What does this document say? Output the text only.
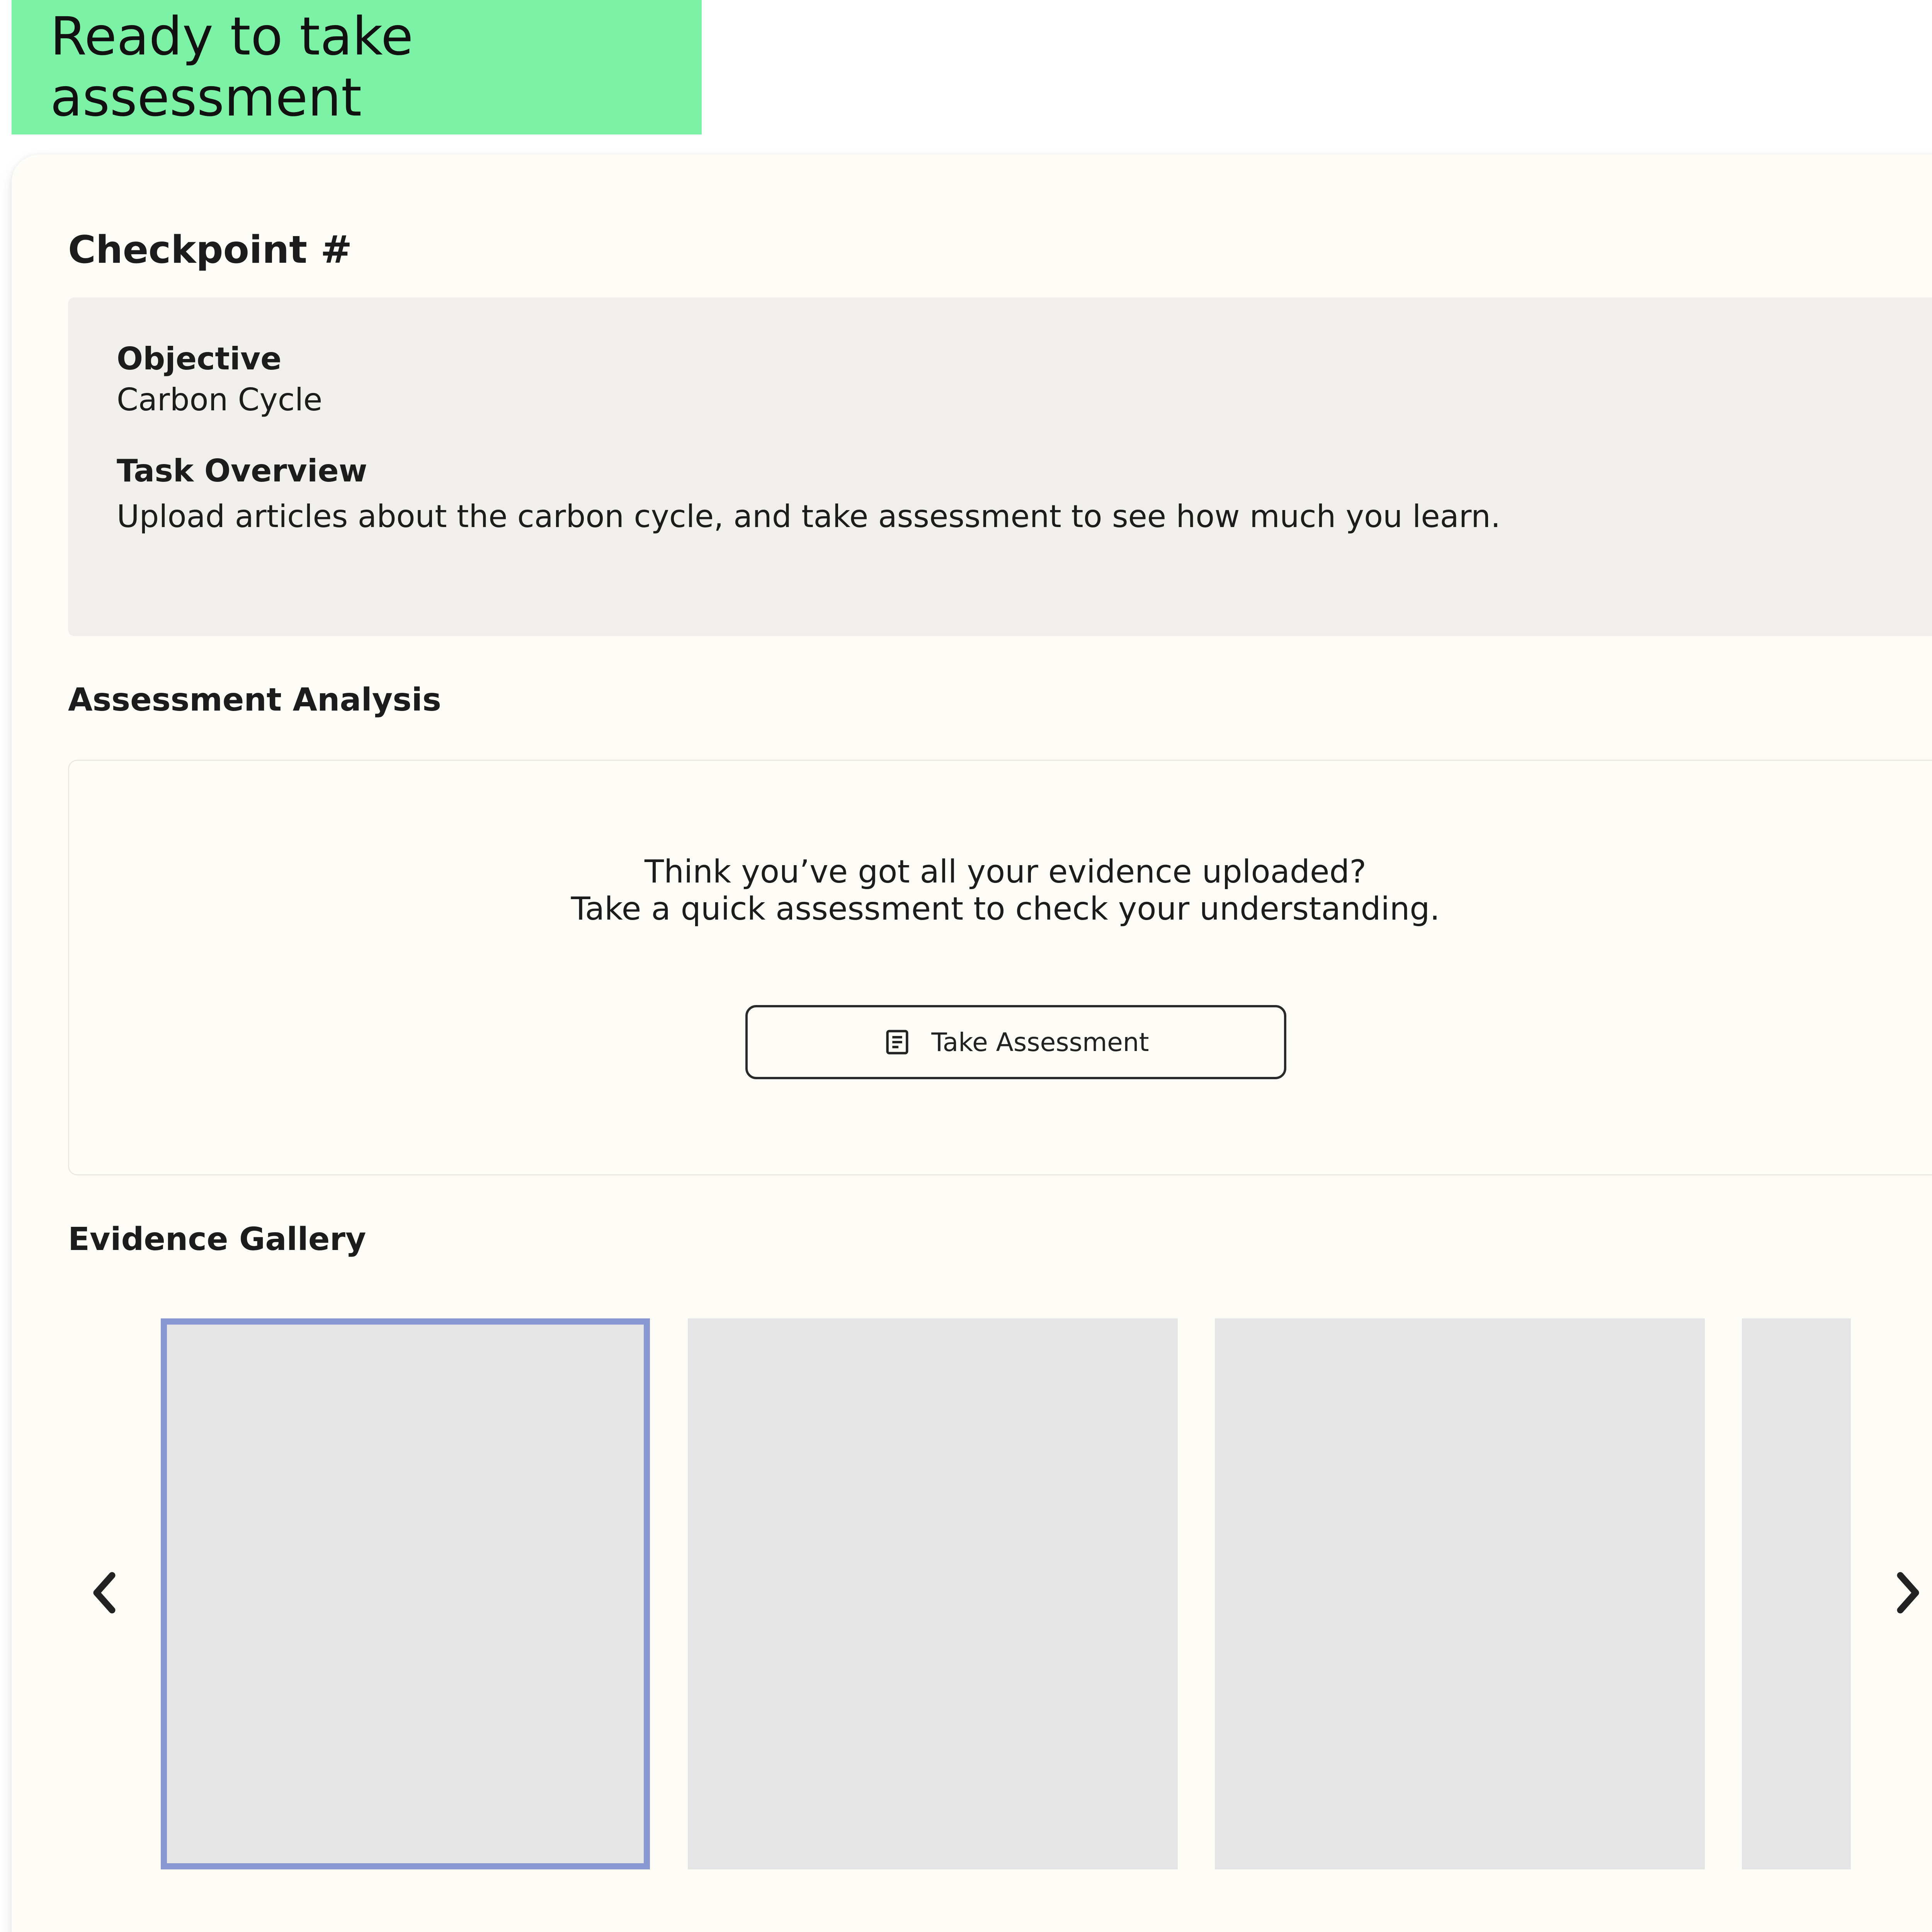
Ready to take assessment
Checkpoint #
Objective
Carbon Cycle
Task Overview
Upload articles about the carbon cycle, and take assessment to see how much you learn.
Assessment Analysis
Think you’ve got all your evidence uploaded?
Take a quick assessment to check your understanding.
Take Assessment
Evidence Gallery
